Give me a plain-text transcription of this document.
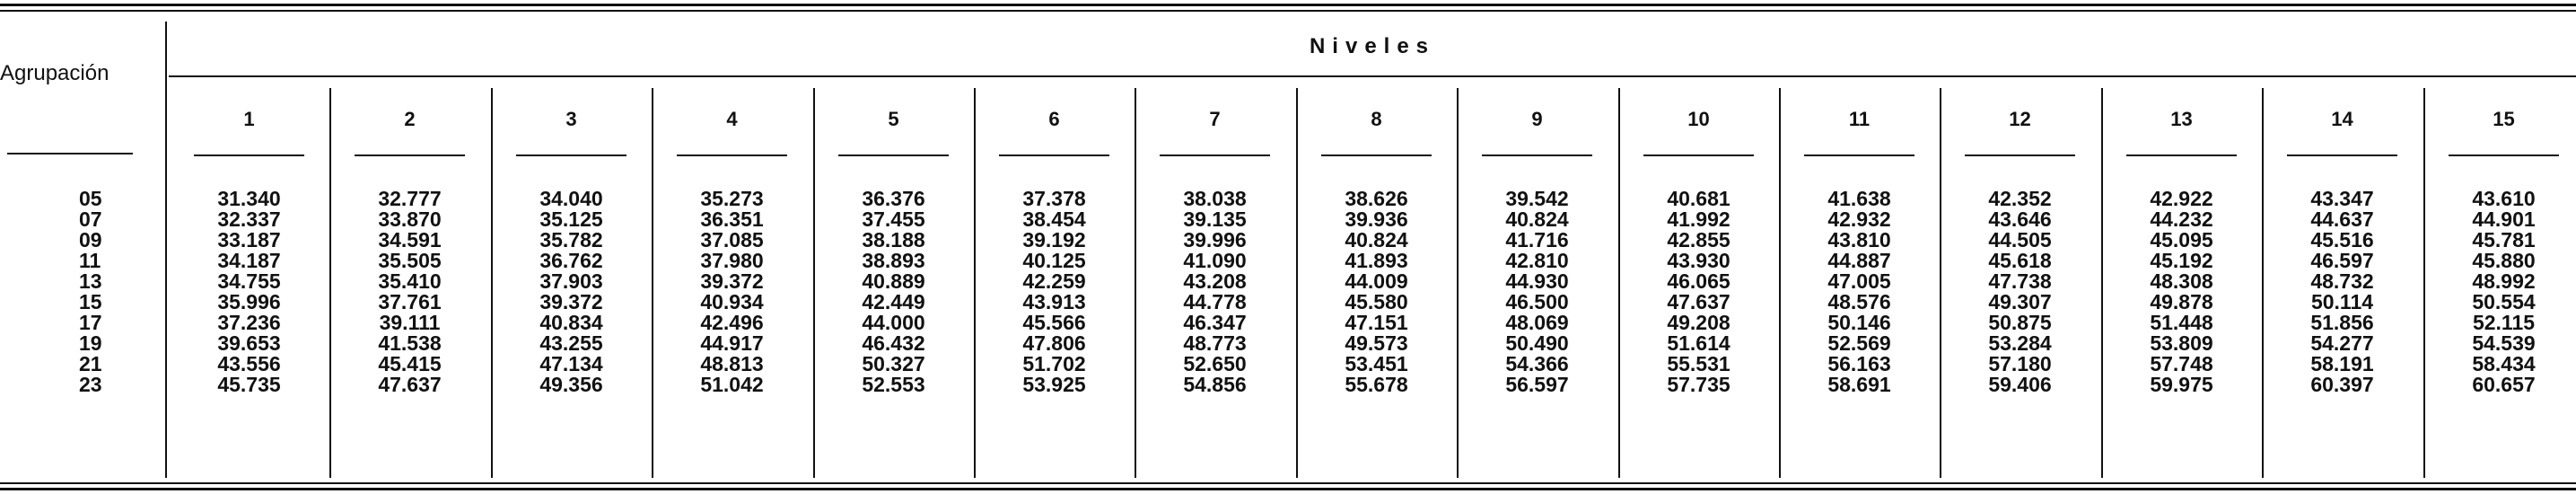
Agrupación
Niveles
1
31.340
32.337
33.187
34.187
34.755
35.996
37.236
39.653
43.556
45.735
2
32.777
33.870
34.591
35.505
35.410
37.761
39.111
41.538
45.415
47.637
3
34.040
35.125
35.782
36.762
37.903
39.372
40.834
43.255
47.134
49.356
4
35.273
36.351
37.085
37.980
39.372
40.934
42.496
44.917
48.813
51.042
5
36.376
37.455
38.188
38.893
40.889
42.449
44.000
46.432
50.327
52.553
6
37.378
38.454
39.192
40.125
42.259
43.913
45.566
47.806
51.702
53.925
7
38.038
39.135
39.996
41.090
43.208
44.778
46.347
48.773
52.650
54.856
8
38.626
39.936
40.824
41.893
44.009
45.580
47.151
49.573
53.451
55.678
9
39.542
40.824
41.716
42.810
44.930
46.500
48.069
50.490
54.366
56.597
10
40.681
41.992
42.855
43.930
46.065
47.637
49.208
51.614
55.531
57.735
11
41.638
42.932
43.810
44.887
47.005
48.576
50.146
52.569
56.163
58.691
12
42.352
43.646
44.505
45.618
47.738
49.307
50.875
53.284
57.180
59.406
13
42.922
44.232
45.095
45.192
48.308
49.878
51.448
53.809
57.748
59.975
14
43.347
44.637
45.516
46.597
48.732
50.114
51.856
54.277
58.191
60.397
15
43.610
44.901
45.781
45.880
48.992
50.554
52.115
54.539
58.434
60.657
05
07
09
11
13
15
17
19
21
23
